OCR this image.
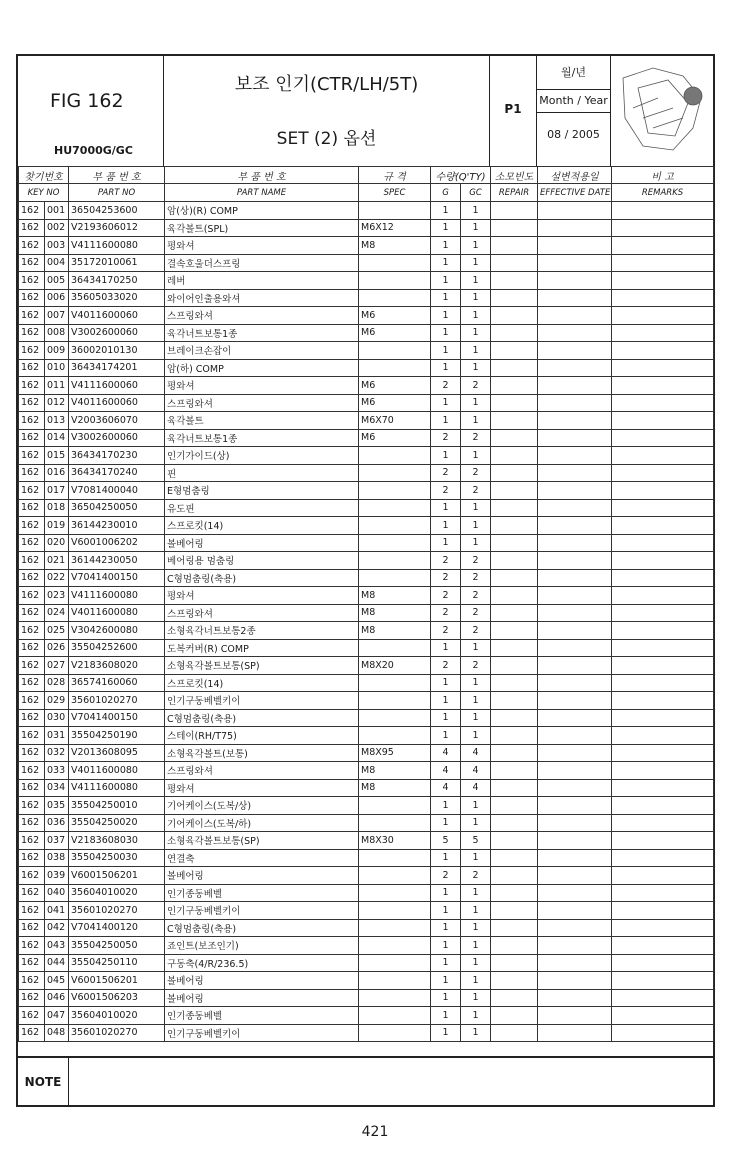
FIG 162
HU7000G/GC
보조 인기(CTR/LH/5T)
SET (2) 옵션
P1
월/년
Month / Year
08 / 2005
찾기번호		부 품 번 호	부 품 번 호	규 격	수량(Q'TY)		소모빈도	설변적용일	비 고
KEY NO		PART NO	PART NAME	SPEC	G	GC	REPAIR	EFFECTIVE DATE	REMARKS
162	001	36504253600	암(상)(R) COMP		1	1			
162	002	V2193606012	육각볼트(SPL)	M6X12	1	1			
162	003	V4111600080	평와셔	M8	1	1			
162	004	35172010061	결속호울더스프링		1	1			
162	005	36434170250	레버		1	1			
162	006	35605033020	와이어인출용와셔		1	1			
162	007	V4011600060	스프링와셔	M6	1	1			
162	008	V3002600060	육각너트보통1종	M6	1	1			
162	009	36002010130	브레이크손잡이		1	1			
162	010	36434174201	암(하) COMP		1	1			
162	011	V4111600060	평와셔	M6	2	2			
162	012	V4011600060	스프링와셔	M6	1	1			
162	013	V2003606070	육각볼트	M6X70	1	1			
162	014	V3002600060	육각너트보통1종	M6	2	2			
162	015	36434170230	인기가이드(상)		1	1			
162	016	36434170240	핀		2	2			
162	017	V7081400040	E형멈춤링		2	2			
162	018	36504250050	유도핀		1	1			
162	019	36144230010	스프로킷(14)		1	1			
162	020	V6001006202	볼베어링		1	1			
162	021	36144230050	베어링용 멈춤링		2	2			
162	022	V7041400150	C형멈춤링(축용)		2	2			
162	023	V4111600080	평와셔	M8	2	2			
162	024	V4011600080	스프링와셔	M8	2	2			
162	025	V3042600080	소형육각너트보통2종	M8	2	2			
162	026	35504252600	도복커버(R) COMP		1	1			
162	027	V2183608020	소형육각볼트보통(SP)	M8X20	2	2			
162	028	36574160060	스프로킷(14)		1	1			
162	029	35601020270	인기구동베벨키이		1	1			
162	030	V7041400150	C형멈춤링(축용)		1	1			
162	031	35504250190	스테이(RH/T75)		1	1			
162	032	V2013608095	소형육각볼트(보통)	M8X95	4	4			
162	033	V4011600080	스프링와셔	M8	4	4			
162	034	V4111600080	평와셔	M8	4	4			
162	035	35504250010	기어케이스(도복/상)		1	1			
162	036	35504250020	기어케이스(도복/하)		1	1			
162	037	V2183608030	소형육각볼트보통(SP)	M8X30	5	5			
162	038	35504250030	연결축		1	1			
162	039	V6001506201	볼베어링		2	2			
162	040	35604010020	인기종동베벨		1	1			
162	041	35601020270	인기구동베벨키이		1	1			
162	042	V7041400120	C형멈춤링(축용)		1	1			
162	043	35504250050	죠인트(보조인기)		1	1			
162	044	35504250110	구동축(4/R/236.5)		1	1			
162	045	V6001506201	볼베어링		1	1			
162	046	V6001506203	볼베어링		1	1			
162	047	35604010020	인기종동베벨		1	1			
162	048	35601020270	인기구동베벨키이		1	1			
NOTE
421
